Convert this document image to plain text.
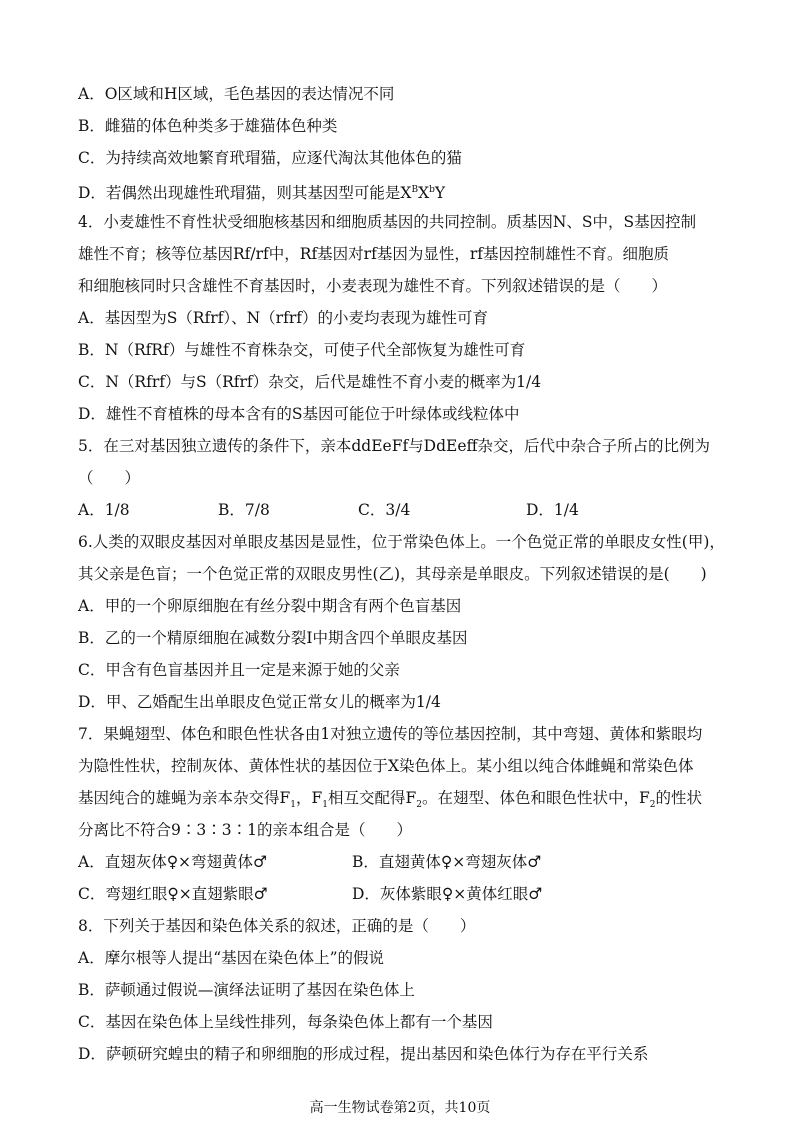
A．O区域和H区域，毛色基因的表达情况不同
B．雌猫的体色种类多于雄猫体色种类
C．为持续高效地繁育玳瑁猫，应逐代淘汰其他体色的猫
D．若偶然出现雄性玳瑁猫，则其基因型可能是$X^BX^bY$
4．小麦雄性不育性状受细胞核基因和细胞质基因的共同控制。质基因N、S中，S基因控制
雄性不育；核等位基因Rf/rf中，Rf基因对rf基因为显性，rf基因控制雄性不育。细胞质
和细胞核同时只含雄性不育基因时，小麦表现为雄性不育。下列叙述错误的是（　　）
A．基因型为S（Rfrf）、N（rfrf）的小麦均表现为雄性可育
B．N（RfRf）与雄性不育株杂交，可使子代全部恢复为雄性可育
C．N（Rfrf）与S（Rfrf）杂交，后代是雄性不育小麦的概率为1/4
D．雄性不育植株的母本含有的S基因可能位于叶绿体或线粒体中
5．在三对基因独立遗传的条件下，亲本ddEeFf与DdEeff杂交，后代中杂合子所占的比例为
（　　）
A．1/8	B．7/8	C．3/4	D．1/4
6.人类的双眼皮基因对单眼皮基因是显性，位于常染色体上。一个色觉正常的单眼皮女性(甲)，
其父亲是色盲；一个色觉正常的双眼皮男性(乙)，其母亲是单眼皮。下列叙述错误的是(　　)
A．甲的一个卵原细胞在有丝分裂中期含有两个色盲基因
B．乙的一个精原细胞在减数分裂Ⅰ中期含四个单眼皮基因
C．甲含有色盲基因并且一定是来源于她的父亲
D．甲、乙婚配生出单眼皮色觉正常女儿的概率为1/4
7．果蝇翅型、体色和眼色性状各由1对独立遗传的等位基因控制，其中弯翅、黄体和紫眼均
为隐性性状，控制灰体、黄体性状的基因位于X染色体上。某小组以纯合体雌蝇和常染色体
基因纯合的雄蝇为亲本杂交得$F_1$，$F_1$相互交配得$F_2$。在翅型、体色和眼色性状中，$F_2$的性状
分离比不符合9∶3∶3∶1的亲本组合是（　　）
A．直翅灰体♀×弯翅黄体♂	B．直翅黄体♀×弯翅灰体♂
C．弯翅红眼♀×直翅紫眼♂	D．灰体紫眼♀×黄体红眼♂
8．下列关于基因和染色体关系的叙述，正确的是（　　）
A．摩尔根等人提出“基因在染色体上”的假说
B．萨顿通过假说—演绎法证明了基因在染色体上
C．基因在染色体上呈线性排列，每条染色体上都有一个基因
D．萨顿研究蝗虫的精子和卵细胞的形成过程，提出基因和染色体行为存在平行关系
高一生物试卷第2页，共10页
